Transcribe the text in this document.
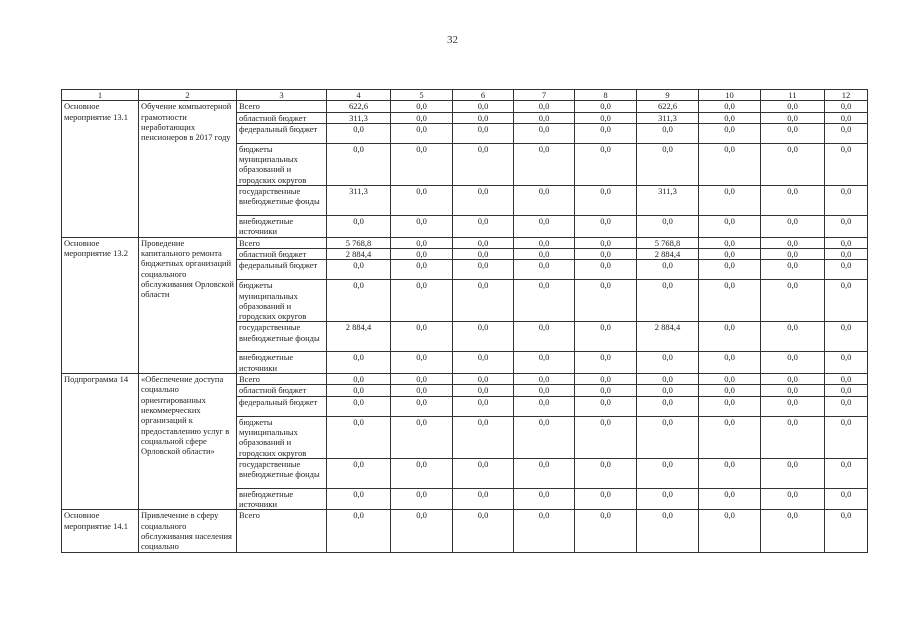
32
1	2	3	4	5	6	7	8	9	10	11	12
Основное мероприятие 13.1	Обучение компьютерной грамотности неработающих пенсионеров в 2017 году	Всего	622,6	0,0	0,0	0,0	0,0	622,6	0,0	0,0	0,0
		областной бюджет	311,3	0,0	0,0	0,0	0,0	311,3	0,0	0,0	0,0
		федеральный бюджет	0,0	0,0	0,0	0,0	0,0	0,0	0,0	0,0	0,0
		бюджеты муниципальных образований и городских округов	0,0	0,0	0,0	0,0	0,0	0,0	0,0	0,0	0,0
		государственные внебюджетные фонды	311,3	0,0	0,0	0,0	0,0	311,3	0,0	0,0	0,0
		внебюджетные источники	0,0	0,0	0,0	0,0	0,0	0,0	0,0	0,0	0,0
Основное мероприятие 13.2	Проведение капитального ремонта бюджетных организаций социального обслуживания Орловской области	Всего	5 768,8	0,0	0,0	0,0	0,0	5 768,8	0,0	0,0	0,0
		областной бюджет	2 884,4	0,0	0,0	0,0	0,0	2 884,4	0,0	0,0	0,0
		федеральный бюджет	0,0	0,0	0,0	0,0	0,0	0,0	0,0	0,0	0,0
		бюджеты муниципальных образований и городских округов	0,0	0,0	0,0	0,0	0,0	0,0	0,0	0,0	0,0
		государственные внебюджетные фонды	2 884,4	0,0	0,0	0,0	0,0	2 884,4	0,0	0,0	0,0
		внебюджетные источники	0,0	0,0	0,0	0,0	0,0	0,0	0,0	0,0	0,0
Подпрограмма 14	«Обеспечение доступа социально ориентированных некоммерческих организаций к предоставлению услуг в социальной сфере Орловской области»	Всего	0,0	0,0	0,0	0,0	0,0	0,0	0,0	0,0	0,0
		областной бюджет	0,0	0,0	0,0	0,0	0,0	0,0	0,0	0,0	0,0
		федеральный бюджет	0,0	0,0	0,0	0,0	0,0	0,0	0,0	0,0	0,0
		бюджеты муниципальных образований и городских округов	0,0	0,0	0,0	0,0	0,0	0,0	0,0	0,0	0,0
		государственные внебюджетные фонды	0,0	0,0	0,0	0,0	0,0	0,0	0,0	0,0	0,0
		внебюджетные источники	0,0	0,0	0,0	0,0	0,0	0,0	0,0	0,0	0,0
Основное мероприятие 14.1	Привлечение в сферу социального обслуживания населения социально	Всего	0,0	0,0	0,0	0,0	0,0	0,0	0,0	0,0	0,0
